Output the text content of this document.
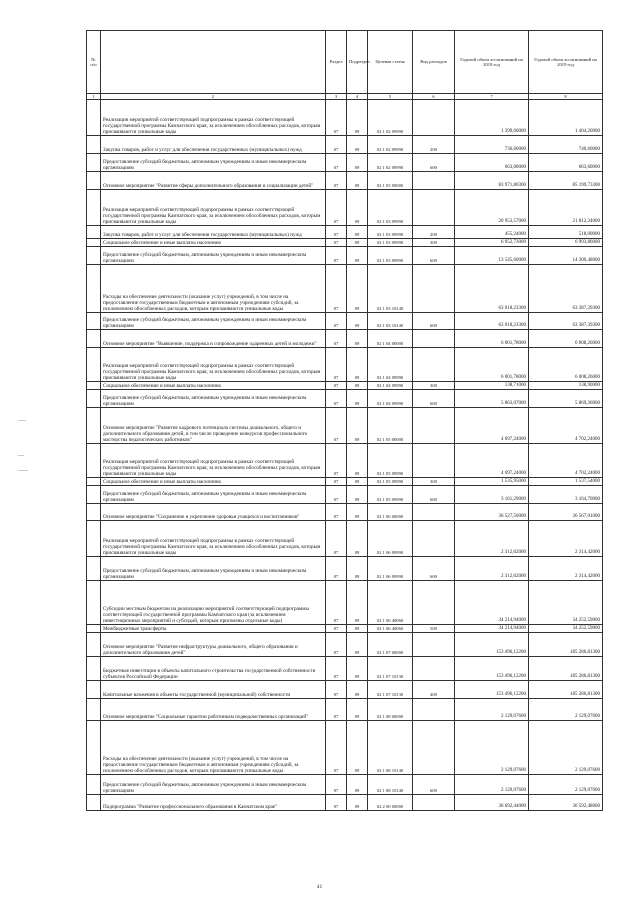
№ п/п		Раздел	Подраздел	Целевая статья	Вид расходов	Годовой объем ассигнований на 2018 год	Годовой объем ассигнований на 2019 год
1	2	3	4	5	6	7	8
	Реализация мероприятий соответствующей подпрограммы в рамках соответствующей государственной программы Камчатского края, за исключением обособленных расходов, которым присваиваются уникальные коды	07	09	02 1 02 09990		1 399,60000	1 404,20000
	Закупка товаров, работ и услуг для обеспечения государственных (муниципальных) нужд	07	09	02 1 02 09990	200	736,60000	740,60000
	Предоставление субсидий бюджетным, автономным учреждениям и иным некоммерческим организациям	07	09	02 1 02 09990	600	663,00000	663,60000
	Основное мероприятие "Развитие сферы дополнительного образования и социализации детей"	07	09	02 1 03 00000		83 971,80300	85 199,73300
	Реализация мероприятий соответствующей подпрограммы в рамках соответствующей государственной программы Камчатского края, за исключением обособленных расходов, которым присваиваются уникальные коды	07	09	02 1 03 09990		20 953,57000	21 812,34000
	Закупка товаров, работ и услуг для обеспечения государственных (муниципальных) нужд	07	09	02 1 03 09990	200	455,24000	518,00000
	Социальное обеспечение и иные выплаты населению	07	09	02 1 03 09990	300	6 952,73000	6 993,86000
	Предоставление субсидий бюджетным, автономным учреждениям и иным некоммерческим организациям	07	09	02 1 03 09990	600	13 545,60000	14 300,48000
	Расходы на обеспечение деятельности (оказание услуг) учреждений, в том числе на предоставление государственным бюджетным и автономным учреждениям субсидий, за исключением обособленных расходов, которым присваиваются уникальные коды	07	09	02 1 03 10140		63 018,23300	63 387,39300
	Предоставление субсидий бюджетным, автономным учреждениям и иным некоммерческим организациям	07	09	02 1 03 10140	600	63 018,23300	63 387,39300
	Основное мероприятие "Выявление, поддержка и сопровождение одаренных детей и молодежи"	07	09	02 1 04 00000		6 001,78000	6 008,26000
	Реализация мероприятий соответствующей подпрограммы в рамках соответствующей государственной программы Камчатского края, за исключением обособленных расходов, которым присваиваются уникальные коды	07	09	02 1 04 09990		6 001,78000	6 008,26000
	Социальное обеспечение и иные выплаты населению	07	09	02 1 04 09990	300	138,71000	138,90000
	Предоставление субсидий бюджетным, автономным учреждениям и иным некоммерческим организациям	07	09	02 1 04 09990	600	5 863,07000	5 869,36000
	Основное мероприятие "Развитие кадрового потенциала системы дошкольного, общего и дополнительного образования детей, в том числе проведение конкурсов профессионального мастерства педагогических работников"	07	09	02 1 05 00000		4 697,24000	4 702,24000
	Реализация мероприятий соответствующей подпрограммы в рамках соответствующей государственной программы Камчатского края, за исключением обособленных расходов, которым присваиваются уникальные коды	07	09	02 1 05 09990		4 697,24000	4 702,24000
	Социальное обеспечение и иные выплаты населению	07	09	02 1 05 09990	300	1 535,95000	1 537,54000
	Предоставление субсидий бюджетным, автономным учреждениям и иным некоммерческим организациям	07	09	02 1 05 09990	600	3 161,29000	3 164,70000
	Основное мероприятие "Сохранение и укрепление здоровья учащихся и воспитанников"	07	09	02 1 06 00000		36 527,56000	36 567,01000
	Реализация мероприятий соответствующей подпрограммы в рамках соответствующей государственной программы Камчатского края, за исключением обособленных расходов, которым присваиваются уникальные коды	07	09	02 1 06 09990		2 312,62000	2 314,42000
	Предоставление субсидий бюджетным, автономным учреждениям и иным некоммерческим организациям	07	09	02 1 06 09990	600	2 312,62000	2 314,42000
	Субсидии местным бюджетам на реализацию мероприятий соответствующей подпрограммы соответствующей государственной программы Камчатского края (за исключением инвестиционных мероприятий и субсидий, которым присвоены отдельные коды)	07	09	02 1 06 40060		34 214,94000	34 252,59000
	Межбюджетные трансферты	07	09	02 1 06 40060	500	34 214,94000	34 252,59000
	Основное мероприятие "Развитие инфраструктуры дошкольного, общего образования и дополнительного образования детей"	07	09	02 1 07 00000		153 496,12200	185 286,81300
	Бюджетные инвестиции в объекты капитального строительства государственной собственности субъектов Российской Федерации	07	09	02 1 07 10130		153 496,12200	185 286,81300
	Капитальные вложения в объекты государственной (муниципальной) собственности	07	09	02 1 07 10130	400	153 496,12200	185 286,81300
	Основное мероприятие "Социальные гарантии работникам подведомственных организаций"	07	09	02 1 08 00000		2 129,07600	2 129,07600
	Расходы на обеспечение деятельности (оказание услуг) учреждений, в том числе на предоставление государственным бюджетным и автономным учреждениям субсидий, за исключением обособленных расходов, которым присваиваются уникальные коды	07	09	02 1 08 10140		2 129,07600	2 129,07600
	Предоставление субсидий бюджетным, автономным учреждениям и иным некоммерческим организациям	07	09	02 1 08 10140	600	2 129,07600	2 129,07600
	Подпрограмма "Развитие профессионального образования в Камчатском крае"	07	09	02 2 00 00000		36 692,44000	36 592,48000
41
